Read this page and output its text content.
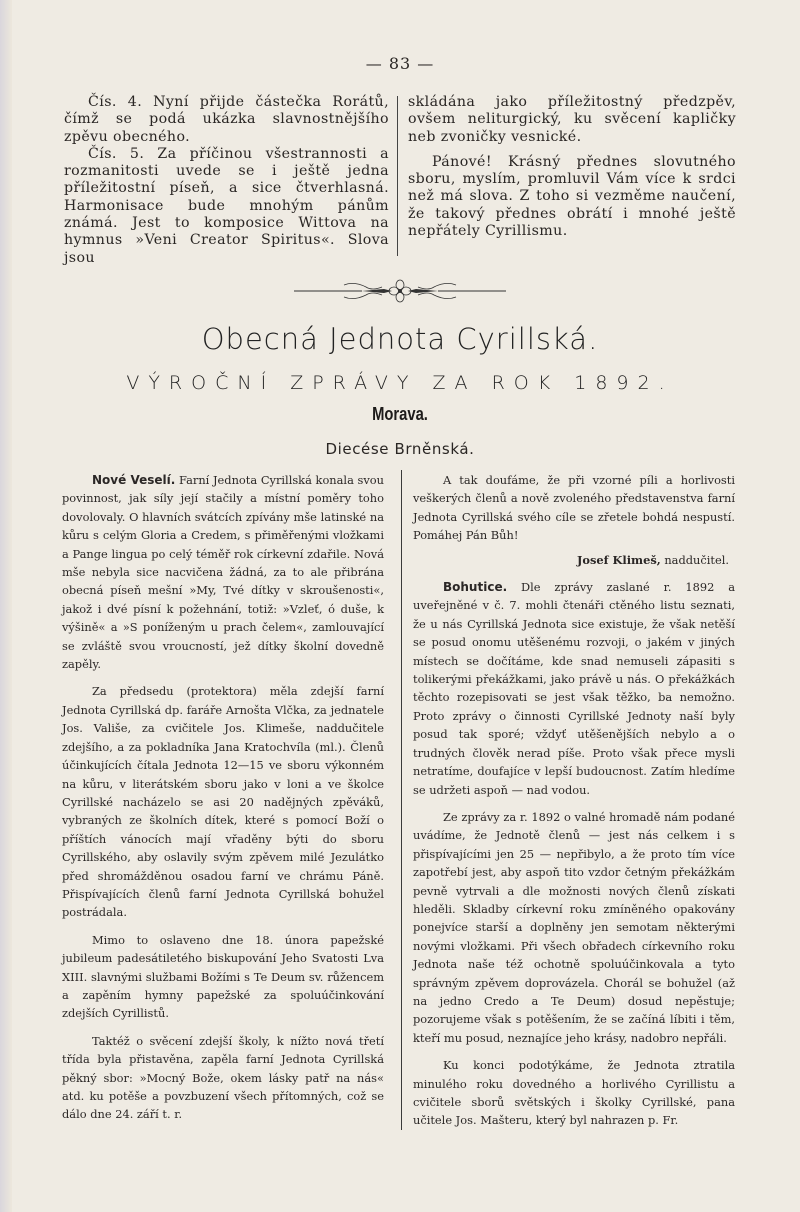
— 83 —

Čís. 4. Nyní přijde částečka Rorátů, čímž se podá ukázka slavnostnějšího zpěvu obecného.

Čís. 5. Za příčinou všestrannosti a rozmanitosti uvede se i ještě jedna příležitostní píseň, a sice čtverhlasná. Harmonisace bude mnohým pánům známá. Jest to komposice Wittova na hymnus »Veni Creator Spiritus«. Slova jsou

skládána jako příležitostný předzpěv, ovšem neliturgický, ku svěcení kapličky neb zvoničky vesnické.

Pánové! Krásný přednes slovutného sboru, myslím, promluvil Vám více k srdci než má slova. Z toho si vezměme naučení, že takový přednes obrátí i mnohé ještě nepřátely Cyrillismu.

Obecná Jednota Cyrillská.
VÝROČNÍ ZPRÁVY ZA ROK 1892.
Morava.
Diecése Brněnská.

Nové Veselí. Farní Jednota Cyrillská konala svou povinnost, jak síly její stačily a místní poměry toho dovolovaly. O hlavních svátcích zpívány mše latinské na kůru s celým Gloria a Credem, s přiměřenými vložkami a Pange lingua po celý téměř rok církevní zdařile. Nová mše nebyla sice nacvičena žádná, za to ale přibrána obecná píseň mešní »My, Tvé dítky v skroušenosti«, jakož i dvé písní k požehnání, totiž: »Vzleť, ó duše, k výšině« a »S poníženým u prach čelem«, zamlouvající se zvláště svou vroucností, jež dítky školní dovedně zapěly.

Za předsedu (protektora) měla zdejší farní Jednota Cyrillská dp. faráře Arnošta Vlčka, za jednatele Jos. Vališe, za cvičitele Jos. Klimeše, naddučitele zdejšího, a za pokladníka Jana Kratochvíla (ml.). Členů účinkujících čítala Jednota 12—15 ve sboru výkonném na kůru, v literátském sboru jako v loni a ve školce Cyrillské nacházelo se asi 20 nadějných zpěváků, vybraných ze školních dítek, které s pomocí Boží o příštích vánocích mají vřaděny býti do sboru Cyrillského, aby oslavily svým zpěvem milé Jezulátko před shromážděnou osadou farní ve chrámu Páně. Přispívajících členů farní Jednota Cyrillská bohužel postrádala.

Mimo to oslaveno dne 18. února papežské jubileum padesátiletého biskupování Jeho Svatosti Lva XIII. slavnými službami Božími s Te Deum sv. růžencem a zapěním hymny papežské za spoluúčinkování zdejších Cyrillistů.

Taktéž o svěcení zdejší školy, k nížto nová třetí třída byla přistavěna, zapěla farní Jednota Cyrillská pěkný sbor: »Mocný Bože, okem lásky patř na nás« atd. ku potěše a povzbuzení všech přítomných, což se dálo dne 24. září t. r.

A tak doufáme, že při vzorné píli a horlivosti veškerých členů a nově zvoleného představenstva farní Jednota Cyrillská svého cíle se zřetele bohdá nespustí. Pomáhej Pán Bůh!

Josef Klimeš, naddučitel.

Bohutice. Dle zprávy zaslané r. 1892 a uveřejněné v č. 7. mohli čtenáři ctěného listu seznati, že u nás Cyrillská Jednota sice existuje, že však netěší se posud onomu utěšenému rozvoji, o jakém v jiných místech se dočítáme, kde snad nemuseli zápasiti s tolikerými překážkami, jako právě u nás. O překážkách těchto rozepisovati se jest však těžko, ba nemožno. Proto zprávy o činnosti Cyrillské Jednoty naší byly posud tak sporé; vždyť utěšenějších nebylo a o trudných člověk nerad píše. Proto však přece mysli netratíme, doufajíce v lepší budoucnost. Zatím hledíme se udržeti aspoň — nad vodou.

Ze zprávy za r. 1892 o valné hromadě nám podané uvádíme, že Jednotě členů — jest nás celkem i s přispívajícími jen 25 — nepřibylo, a že proto tím více zapotřebí jest, aby aspoň tito vzdor četným překážkám pevně vytrvali a dle možnosti nových členů získati hleděli. Skladby církevní roku zmíněného opakovány ponejvíce starší a doplněny jen semotam některými novými vložkami. Při všech obřadech církevního roku Jednota naše též ochotně spoluúčinkovala a tyto správným zpěvem doprovázela. Chorál se bohužel (až na jedno Credo a Te Deum) dosud nepěstuje; pozorujeme však s potěšením, že se začíná líbiti i těm, kteří mu posud, neznajíce jeho krásy, nadobro nepřáli.

Ku konci podotýkáme, že Jednota ztratila minulého roku dovedného a horlivého Cyrillistu a cvičitele sborů světských i školky Cyrillské, pana učitele Jos. Mašteru, který byl nahrazen p. Fr.
